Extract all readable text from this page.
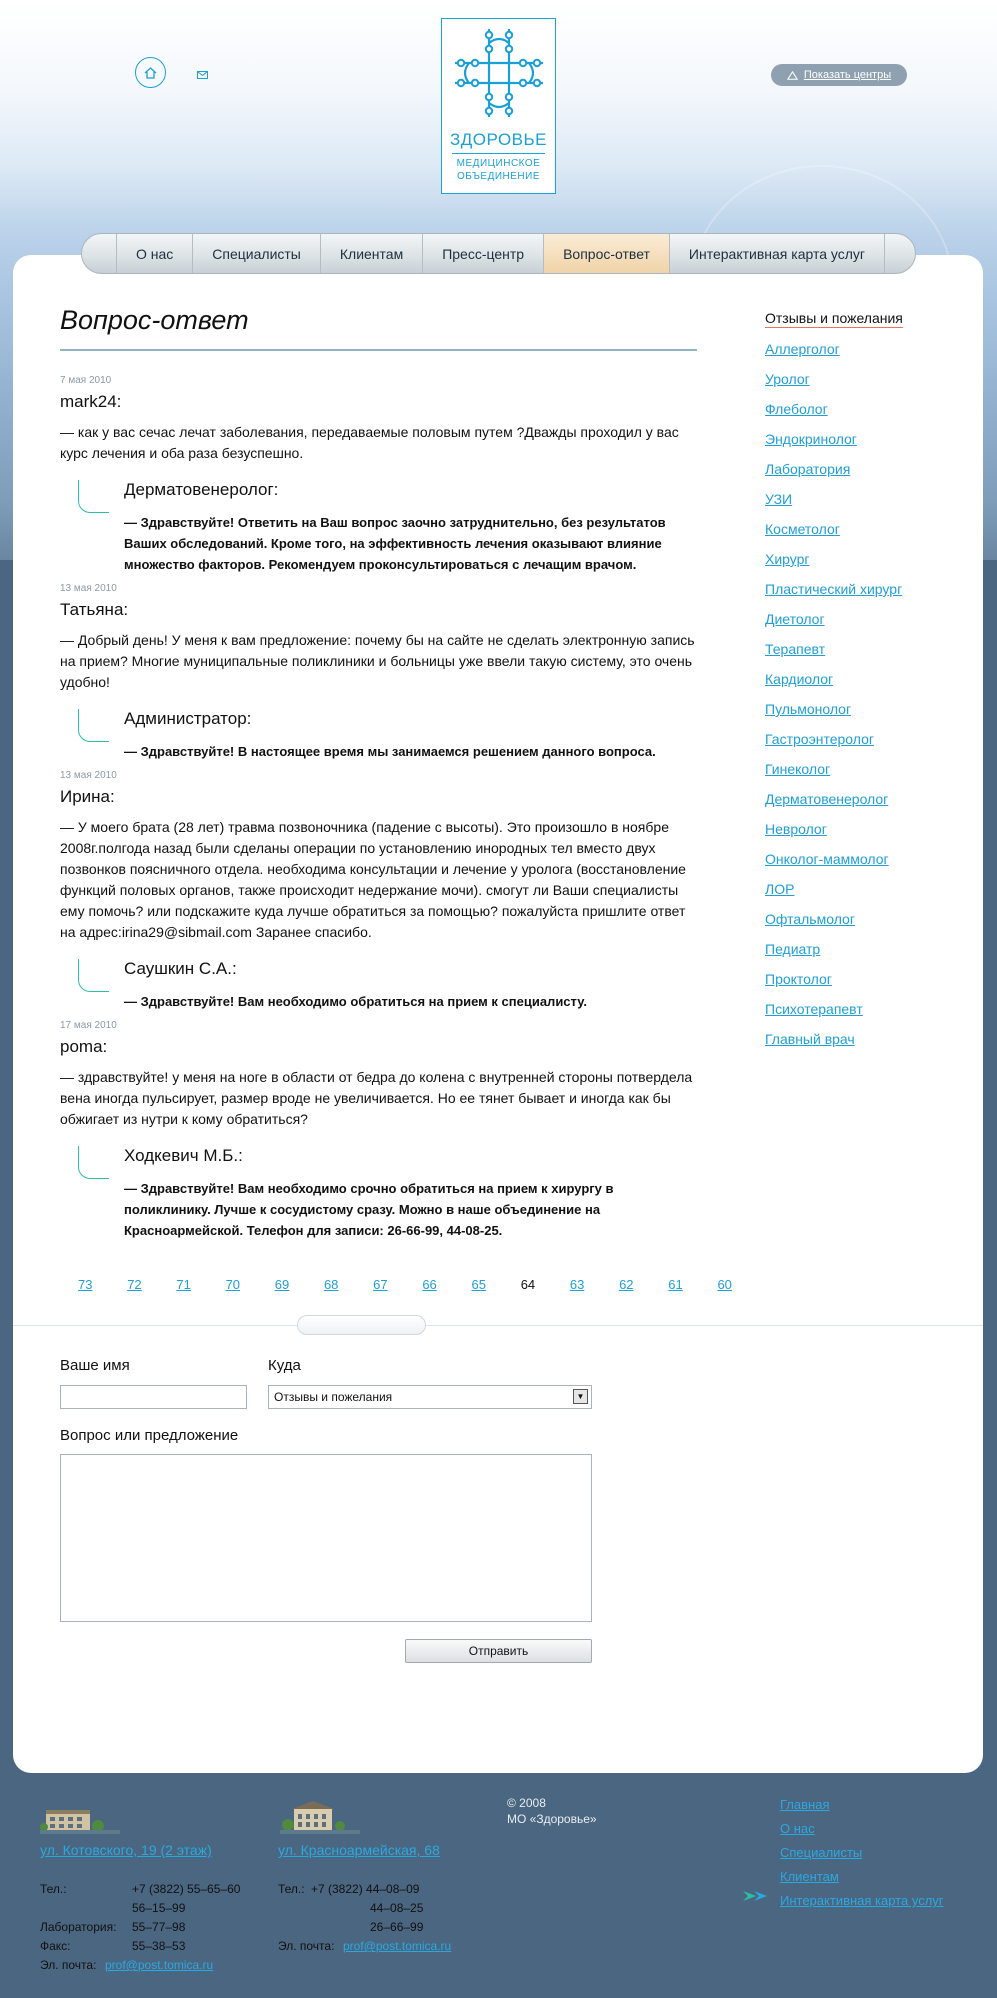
ЗДОРОВЬЕ
МЕДИЦИНСКОЕ
ОБЪЕДИНЕНИЕ
Показать центры
О нас	Специалисты	Клиентам	Пресс-центр	Вопрос-ответ	Интерактивная карта услуг
Вопрос-ответ
7 мая 2010
mark24:
— как у вас сечас лечат заболевания, передаваемые половым путем ?Дважды проходил у вас курс лечения и оба раза безуспешно.
Дерматовенеролог:
— Здравствуйте! Ответить на Ваш вопрос заочно затруднительно, без результатов Ваших обследований. Кроме того, на эффективность лечения оказывают влияние множество факторов. Рекомендуем проконсультироваться с лечащим врачом.
13 мая 2010
Татьяна:
— Добрый день! У меня к вам предложение: почему бы на сайте не сделать электронную запись на прием? Многие муниципальные поликлиники и больницы уже ввели такую систему, это очень удобно!
Администратор:
— Здравствуйте! В настоящее время мы занимаемся решением данного вопроса.
13 мая 2010
Ирина:
— У моего брата (28 лет) травма позвоночника (падение с высоты). Это произошло в ноябре 2008г.полгода назад были сделаны операции по установлению инородных тел вместо двух позвонков поясничного отдела. необходима консультации и лечение у уролога (восстановление функций половых органов, также происходит недержание мочи). смогут ли Ваши специалисты ему помочь? или подскажите куда лучше обратиться за помощью? пожалуйста пришлите ответ на адрес:irina29@sibmail.com Заранее спасибо.
Саушкин С.А.:
— Здравствуйте! Вам необходимо обратиться на прием к специалисту.
17 мая 2010
poma:
— здравствуйте! у меня на ноге в области от бедра до колена с внутренней стороны потвердела вена иногда пульсирует, размер вроде не увеличивается. Но ее тянет бывает и иногда как бы обжигает из нутри к кому обратиться?
Ходкевич М.Б.:
— Здравствуйте! Вам необходимо срочно обратиться на прием к хирургу в поликлинику. Лучше к сосудистому сразу. Можно в наше объединение на Красноармейской. Телефон для записи: 26-66-99, 44-08-25.
73	72	71	70	69	68	67	66	65	64	63	62	61	60
Отзывы и пожелания
Аллерголог
Уролог
Флеболог
Эндокринолог
Лаборатория
УЗИ
Косметолог
Хирург
Пластический хирург
Диетолог
Терапевт
Кардиолог
Пульмонолог
Гастроэнтеролог
Гинеколог
Дерматовенеролог
Невролог
Онколог-маммолог
ЛОР
Офтальмолог
Педиатр
Проктолог
Психотерапевт
Главный врач
Ваше имя	Куда
Отзывы и пожелания	▼
Вопрос или предложение
Отправить
ул. Котовского, 19 (2 этаж)
Тел.:	+7 (3822) 55–65–60
56–15–99
Лаборатория: 55–77–98
Факс:	55–38–53
Эл. почта: prof@post.tomica.ru
ул. Красноармейская, 68
Тел.: +7 (3822) 44–08–09
44–08–25
26–66–99
Эл. почта: prof@post.tomica.ru
© 2008
МО «Здоровье»
Главная
О нас
Специалисты
Клиентам
Интерактивная карта услуг
